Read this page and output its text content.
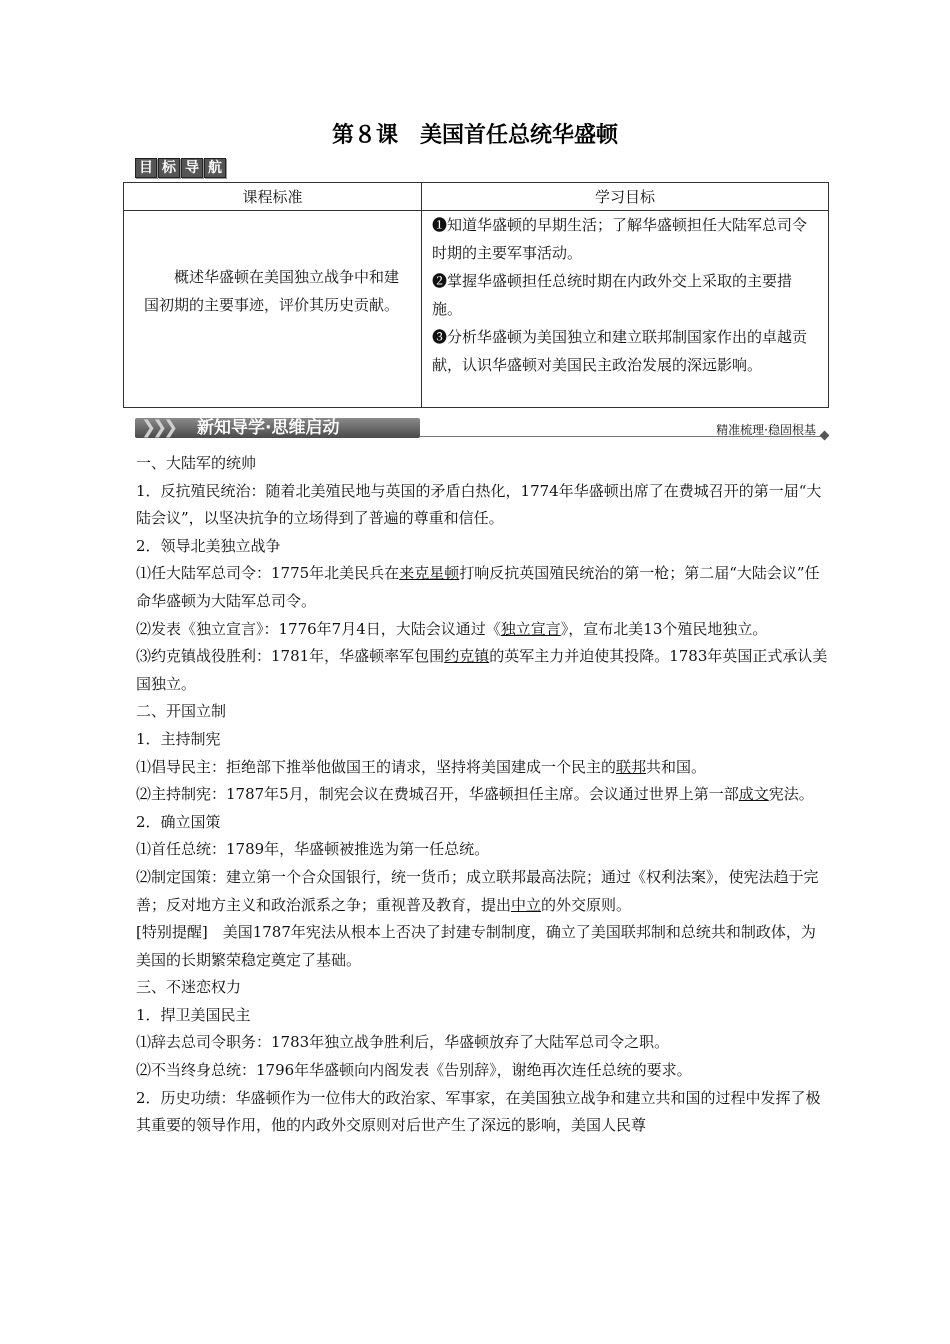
第８课　美国首任总统华盛顿
目 标 导 航
课程标准	学习目标

概述华盛顿在美国独立战争中和建国初期的主要事迹，评价其历史贡献。	❶知道华盛顿的早期生活；了解华盛顿担任大陆军总司令时期的主要军事活动。

❷掌握华盛顿担任总统时期在内政外交上采取的主要措施。

❸分析华盛顿为美国独立和建立联邦制国家作出的卓越贡献，认识华盛顿对美国民主政治发展的深远影响。

❯❯❯ 新知导学·思维启动	精准梳理·稳固根基

一、大陆军的统帅

1．反抗殖民统治：随着北美殖民地与英国的矛盾白热化，1774年华盛顿出席了在费城召开的第一届“大陆会议”，以坚决抗争的立场得到了普遍的尊重和信任。

2．领导北美独立战争

⑴任大陆军总司令：1775年北美民兵在来克星顿打响反抗英国殖民统治的第一枪；第二届“大陆会议”任命华盛顿为大陆军总司令。

⑵发表《独立宣言》：1776年7月4日，大陆会议通过《独立宣言》，宣布北美13个殖民地独立。

⑶约克镇战役胜利：1781年，华盛顿率军包围约克镇的英军主力并迫使其投降。1783年英国正式承认美国独立。

二、开国立制

1．主持制宪

⑴倡导民主：拒绝部下推举他做国王的请求，坚持将美国建成一个民主的联邦共和国。

⑵主持制宪：1787年5月，制宪会议在费城召开，华盛顿担任主席。会议通过世界上第一部成文宪法。

2．确立国策

⑴首任总统：1789年，华盛顿被推选为第一任总统。

⑵制定国策：建立第一个合众国银行，统一货币；成立联邦最高法院；通过《权利法案》，使宪法趋于完善；反对地方主义和政治派系之争；重视普及教育，提出中立的外交原则。

[特别提醒]　美国1787年宪法从根本上否决了封建专制制度，确立了美国联邦制和总统共和制政体，为美国的长期繁荣稳定奠定了基础。

三、不迷恋权力

1．捍卫美国民主

⑴辞去总司令职务：1783年独立战争胜利后，华盛顿放弃了大陆军总司令之职。

⑵不当终身总统：1796年华盛顿向内阁发表《告别辞》，谢绝再次连任总统的要求。

2．历史功绩：华盛顿作为一位伟大的政治家、军事家，在美国独立战争和建立共和国的过程中发挥了极其重要的领导作用，他的内政外交原则对后世产生了深远的影响，美国人民尊
